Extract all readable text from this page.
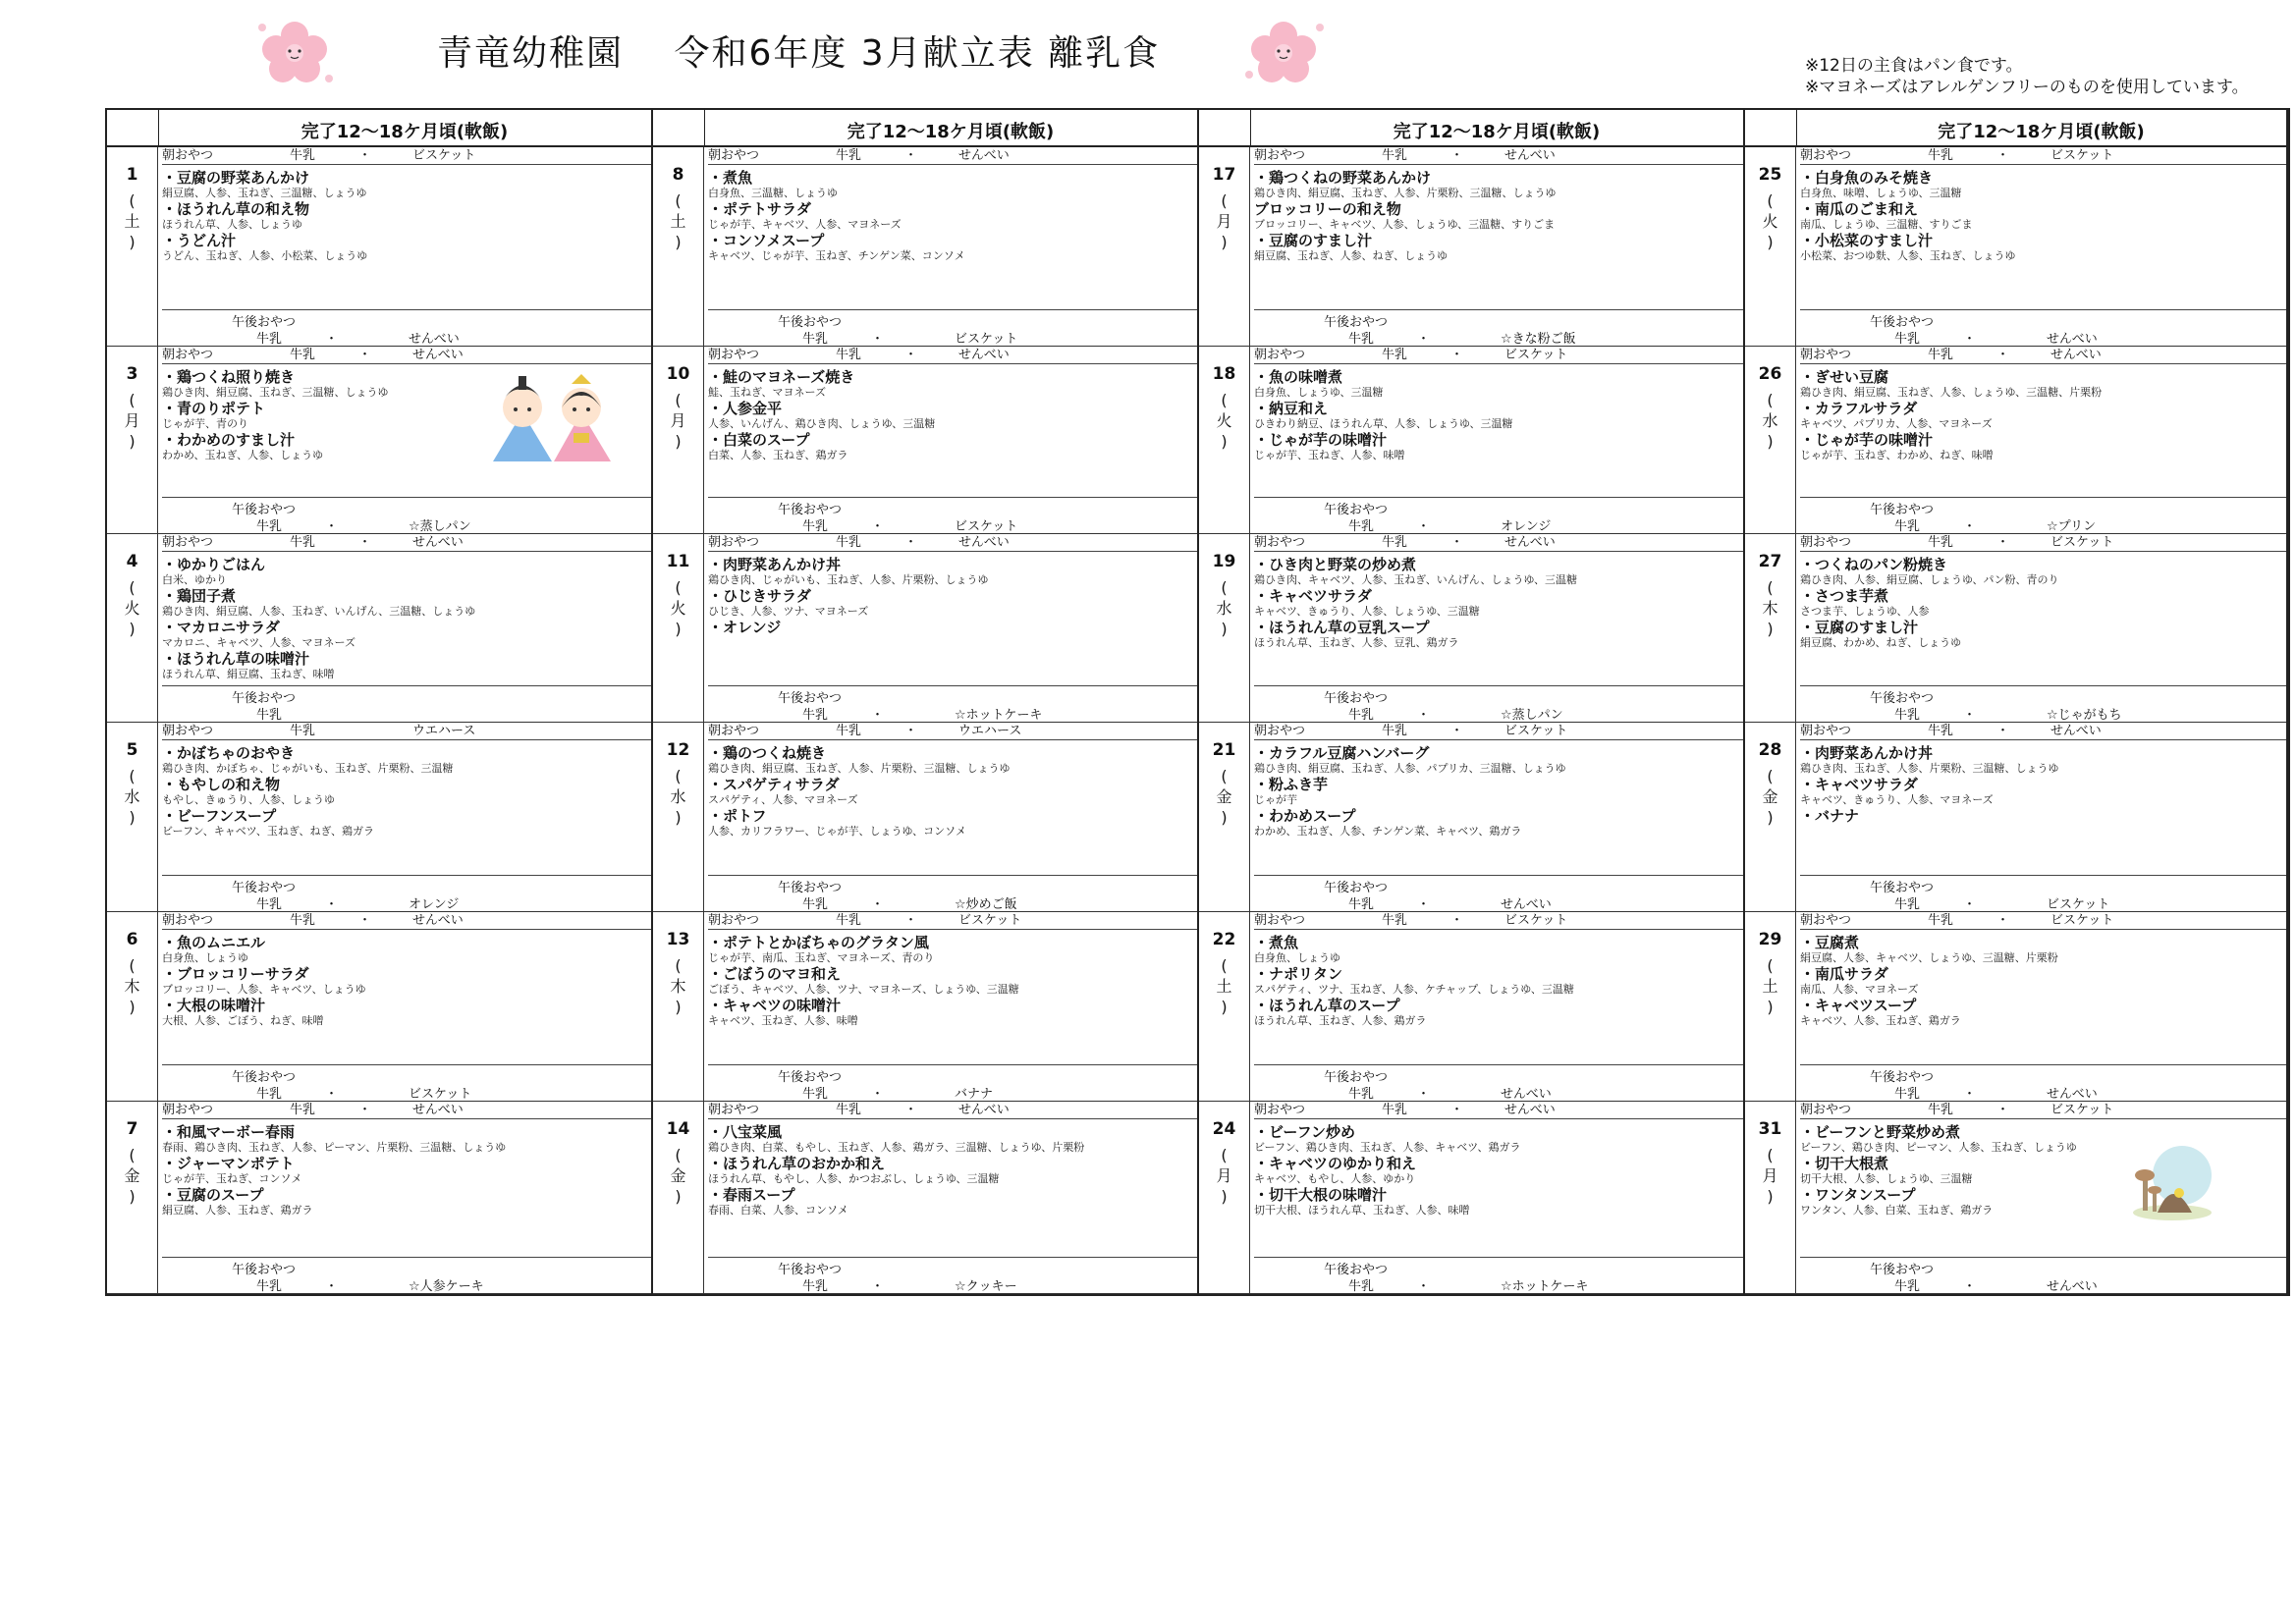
青竜幼稚園　 令和6年度 3月献立表 離乳食	※12日の主食はパン食です。
※マヨネーズはアレルゲンフリーのものを使用しています。
完了12～18ケ月頃(軟飯)
1
(
土
)
朝おやつ	牛乳	・	ビスケット
・豆腐の野菜あんかけ
絹豆腐、人参、玉ねぎ、三温糖、しょうゆ
・ほうれん草の和え物
ほうれん草、人参、しょうゆ
・うどん汁
うどん、玉ねぎ、人参、小松菜、しょうゆ
午後おやつ
牛乳	・	せんべい
3
(
月
)
朝おやつ	牛乳	・	せんべい
・鶏つくね照り焼き
鶏ひき肉、絹豆腐、玉ねぎ、三温糖、しょうゆ
・青のりポテト
じゃが芋、青のり
・わかめのすまし汁
わかめ、玉ねぎ、人参、しょうゆ
午後おやつ
牛乳	・	☆蒸しパン
4
(
火
)
朝おやつ	牛乳	・	せんべい
・ゆかりごはん
白米、ゆかり
・鶏団子煮
鶏ひき肉、絹豆腐、人参、玉ねぎ、いんげん、三温糖、しょうゆ
・マカロニサラダ
マカロニ、キャベツ、人参、マヨネーズ
・ほうれん草の味噌汁
ほうれん草、絹豆腐、玉ねぎ、味噌
午後おやつ
牛乳
5
(
水
)
朝おやつ	牛乳	ウエハース
・かぼちゃのおやき
鶏ひき肉、かぼちゃ、じゃがいも、玉ねぎ、片栗粉、三温糖
・もやしの和え物
もやし、きゅうり、人参、しょうゆ
・ビーフンスープ
ビーフン、キャベツ、玉ねぎ、ねぎ、鶏ガラ
午後おやつ
牛乳	・	オレンジ
6
(
木
)
朝おやつ	牛乳	・	せんべい
・魚のムニエル
白身魚、しょうゆ
・ブロッコリーサラダ
ブロッコリー、人参、キャベツ、しょうゆ
・大根の味噌汁
大根、人参、ごぼう、ねぎ、味噌
午後おやつ
牛乳	・	ビスケット
7
(
金
)
朝おやつ	牛乳	・	せんべい
・和風マーボー春雨
春雨、鶏ひき肉、玉ねぎ、人参、ピーマン、片栗粉、三温糖、しょうゆ
・ジャーマンポテト
じゃが芋、玉ねぎ、コンソメ
・豆腐のスープ
絹豆腐、人参、玉ねぎ、鶏ガラ
午後おやつ
牛乳	・	☆人参ケーキ
完了12～18ケ月頃(軟飯)
8
(
土
)
朝おやつ	牛乳	・	せんべい
・煮魚
白身魚、三温糖、しょうゆ
・ポテトサラダ
じゃが芋、キャベツ、人参、マヨネーズ
・コンソメスープ
キャベツ、じゃが芋、玉ねぎ、チンゲン菜、コンソメ
午後おやつ
牛乳	・	ビスケット
10
(
月
)
朝おやつ	牛乳	・	せんべい
・鮭のマヨネーズ焼き
鮭、玉ねぎ、マヨネーズ
・人参金平
人参、いんげん、鶏ひき肉、しょうゆ、三温糖
・白菜のスープ
白菜、人参、玉ねぎ、鶏ガラ
午後おやつ
牛乳	・	ビスケット
11
(
火
)
朝おやつ	牛乳	・	せんべい
・肉野菜あんかけ丼
鶏ひき肉、じゃがいも、玉ねぎ、人参、片栗粉、しょうゆ
・ひじきサラダ
ひじき、人参、ツナ、マヨネーズ
・オレンジ
午後おやつ
牛乳	・	☆ホットケーキ
12
(
水
)
朝おやつ	牛乳	・	ウエハース
・鶏のつくね焼き
鶏ひき肉、絹豆腐、玉ねぎ、人参、片栗粉、三温糖、しょうゆ
・スパゲティサラダ
スパゲティ、人参、マヨネーズ
・ポトフ
人参、カリフラワー、じゃが芋、しょうゆ、コンソメ
午後おやつ
牛乳	・	☆炒めご飯
13
(
木
)
朝おやつ	牛乳	・	ビスケット
・ポテトとかぼちゃのグラタン風
じゃが芋、南瓜、玉ねぎ、マヨネーズ、青のり
・ごぼうのマヨ和え
ごぼう、キャベツ、人参、ツナ、マヨネーズ、しょうゆ、三温糖
・キャベツの味噌汁
キャベツ、玉ねぎ、人参、味噌
午後おやつ
牛乳	・	バナナ
14
(
金
)
朝おやつ	牛乳	・	せんべい
・八宝菜風
鶏ひき肉、白菜、もやし、玉ねぎ、人参、鶏ガラ、三温糖、しょうゆ、片栗粉
・ほうれん草のおかか和え
ほうれん草、もやし、人参、かつおぶし、しょうゆ、三温糖
・春雨スープ
春雨、白菜、人参、コンソメ
午後おやつ
牛乳	・	☆クッキー
完了12～18ケ月頃(軟飯)
17
(
月
)
朝おやつ	牛乳	・	せんべい
・鶏つくねの野菜あんかけ
鶏ひき肉、絹豆腐、玉ねぎ、人参、片栗粉、三温糖、しょうゆ
ブロッコリーの和え物
ブロッコリー、キャベツ、人参、しょうゆ、三温糖、すりごま
・豆腐のすまし汁
絹豆腐、玉ねぎ、人参、ねぎ、しょうゆ
午後おやつ
牛乳	・	☆きな粉ご飯
18
(
火
)
朝おやつ	牛乳	・	ビスケット
・魚の味噌煮
白身魚、しょうゆ、三温糖
・納豆和え
ひきわり納豆、ほうれん草、人参、しょうゆ、三温糖
・じゃが芋の味噌汁
じゃが芋、玉ねぎ、人参、味噌
午後おやつ
牛乳	・	オレンジ
19
(
水
)
朝おやつ	牛乳	・	せんべい
・ひき肉と野菜の炒め煮
鶏ひき肉、キャベツ、人参、玉ねぎ、いんげん、しょうゆ、三温糖
・キャベツサラダ
キャベツ、きゅうり、人参、しょうゆ、三温糖
・ほうれん草の豆乳スープ
ほうれん草、玉ねぎ、人参、豆乳、鶏ガラ
午後おやつ
牛乳	・	☆蒸しパン
21
(
金
)
朝おやつ	牛乳	・	ビスケット
・カラフル豆腐ハンバーグ
鶏ひき肉、絹豆腐、玉ねぎ、人参、パプリカ、三温糖、しょうゆ
・粉ふき芋
じゃが芋
・わかめスープ
わかめ、玉ねぎ、人参、チンゲン菜、キャベツ、鶏ガラ
午後おやつ
牛乳	・	せんべい
22
(
土
)
朝おやつ	牛乳	・	ビスケット
・煮魚
白身魚、しょうゆ
・ナポリタン
スパゲティ、ツナ、玉ねぎ、人参、ケチャップ、しょうゆ、三温糖
・ほうれん草のスープ
ほうれん草、玉ねぎ、人参、鶏ガラ
午後おやつ
牛乳	・	せんべい
24
(
月
)
朝おやつ	牛乳	・	せんべい
・ビーフン炒め
ビーフン、鶏ひき肉、玉ねぎ、人参、キャベツ、鶏ガラ
・キャベツのゆかり和え
キャベツ、もやし、人参、ゆかり
・切干大根の味噌汁
切干大根、ほうれん草、玉ねぎ、人参、味噌
午後おやつ
牛乳	・	☆ホットケーキ
完了12～18ケ月頃(軟飯)
25
(
火
)
朝おやつ	牛乳	・	ビスケット
・白身魚のみそ焼き
白身魚、味噌、しょうゆ、三温糖
・南瓜のごま和え
南瓜、しょうゆ、三温糖、すりごま
・小松菜のすまし汁
小松菜、おつゆ麩、人参、玉ねぎ、しょうゆ
午後おやつ
牛乳	・	せんべい
26
(
水
)
朝おやつ	牛乳	・	せんべい
・ぎせい豆腐
鶏ひき肉、絹豆腐、玉ねぎ、人参、しょうゆ、三温糖、片栗粉
・カラフルサラダ
キャベツ、パプリカ、人参、マヨネーズ
・じゃが芋の味噌汁
じゃが芋、玉ねぎ、わかめ、ねぎ、味噌
午後おやつ
牛乳	・	☆プリン
27
(
木
)
朝おやつ	牛乳	・	ビスケット
・つくねのパン粉焼き
鶏ひき肉、人参、絹豆腐、しょうゆ、パン粉、青のり
・さつま芋煮
さつま芋、しょうゆ、人参
・豆腐のすまし汁
絹豆腐、わかめ、ねぎ、しょうゆ
午後おやつ
牛乳	・	☆じゃがもち
28
(
金
)
朝おやつ	牛乳	・	せんべい
・肉野菜あんかけ丼
鶏ひき肉、玉ねぎ、人参、片栗粉、三温糖、しょうゆ
・キャベツサラダ
キャベツ、きゅうり、人参、マヨネーズ
・バナナ
午後おやつ
牛乳	・	ビスケット
29
(
土
)
朝おやつ	牛乳	・	ビスケット
・豆腐煮
絹豆腐、人参、キャベツ、しょうゆ、三温糖、片栗粉
・南瓜サラダ
南瓜、人参、マヨネーズ
・キャベツスープ
キャベツ、人参、玉ねぎ、鶏ガラ
午後おやつ
牛乳	・	せんべい
31
(
月
)
朝おやつ	牛乳	・	ビスケット
・ビーフンと野菜炒め煮
ビーフン、鶏ひき肉、ピーマン、人参、玉ねぎ、しょうゆ
・切干大根煮
切干大根、人参、しょうゆ、三温糖
・ワンタンスープ
ワンタン、人参、白菜、玉ねぎ、鶏ガラ
午後おやつ
牛乳	・	せんべい
